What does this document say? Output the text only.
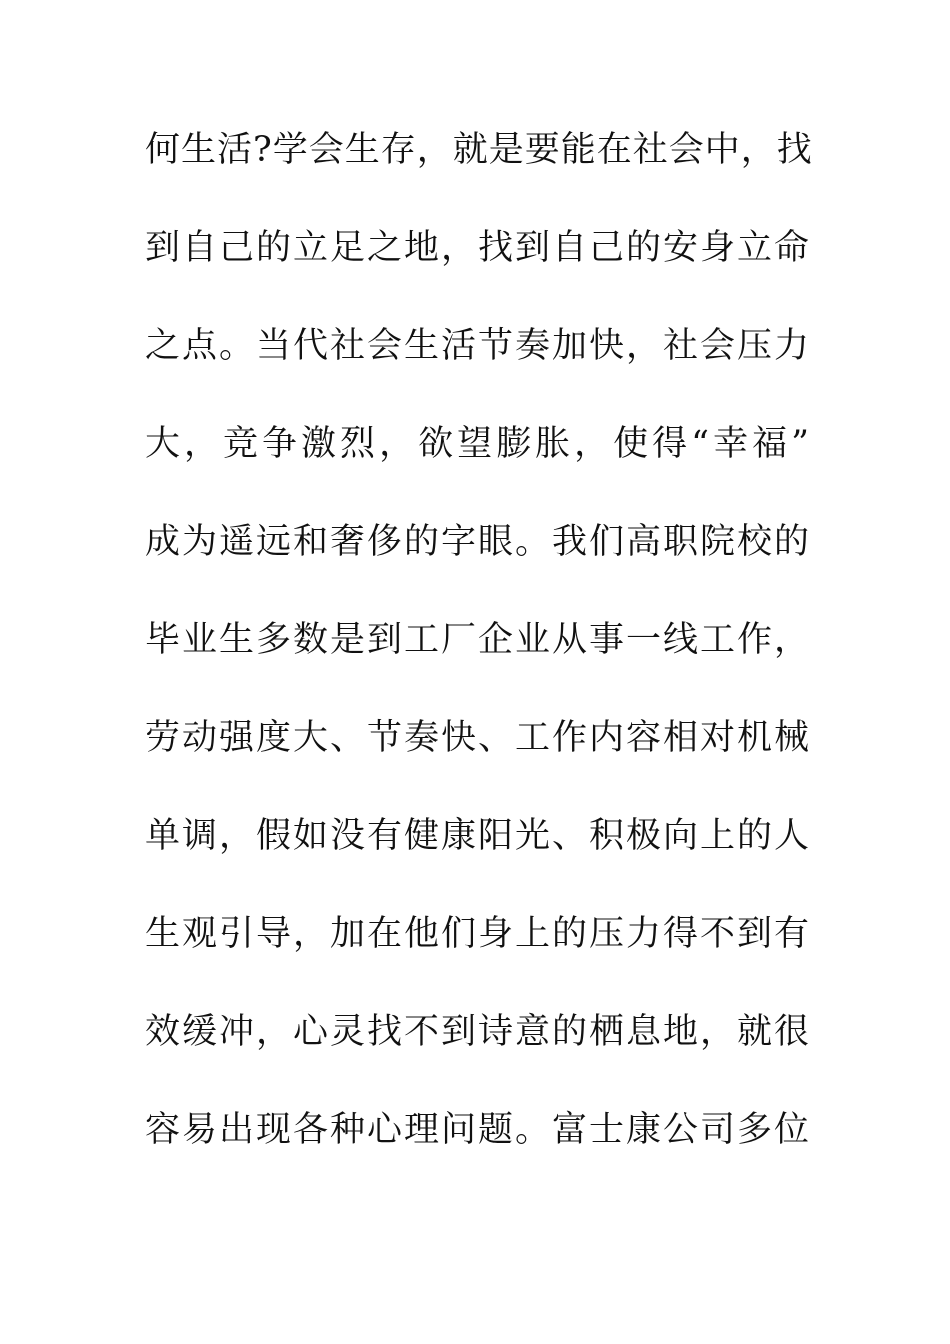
何生活?学会生存，就是要能在社会中，找
到自己的立足之地，找到自己的安身立命
之点。当代社会生活节奏加快，社会压力
大，竞争激烈，欲望膨胀，使得“幸福”
成为遥远和奢侈的字眼。我们高职院校的
毕业生多数是到工厂企业从事一线工作，
劳动强度大、节奏快、工作内容相对机械
单调，假如没有健康阳光、积极向上的人
生观引导，加在他们身上的压力得不到有
效缓冲，心灵找不到诗意的栖息地，就很
容易出现各种心理问题。富士康公司多位
